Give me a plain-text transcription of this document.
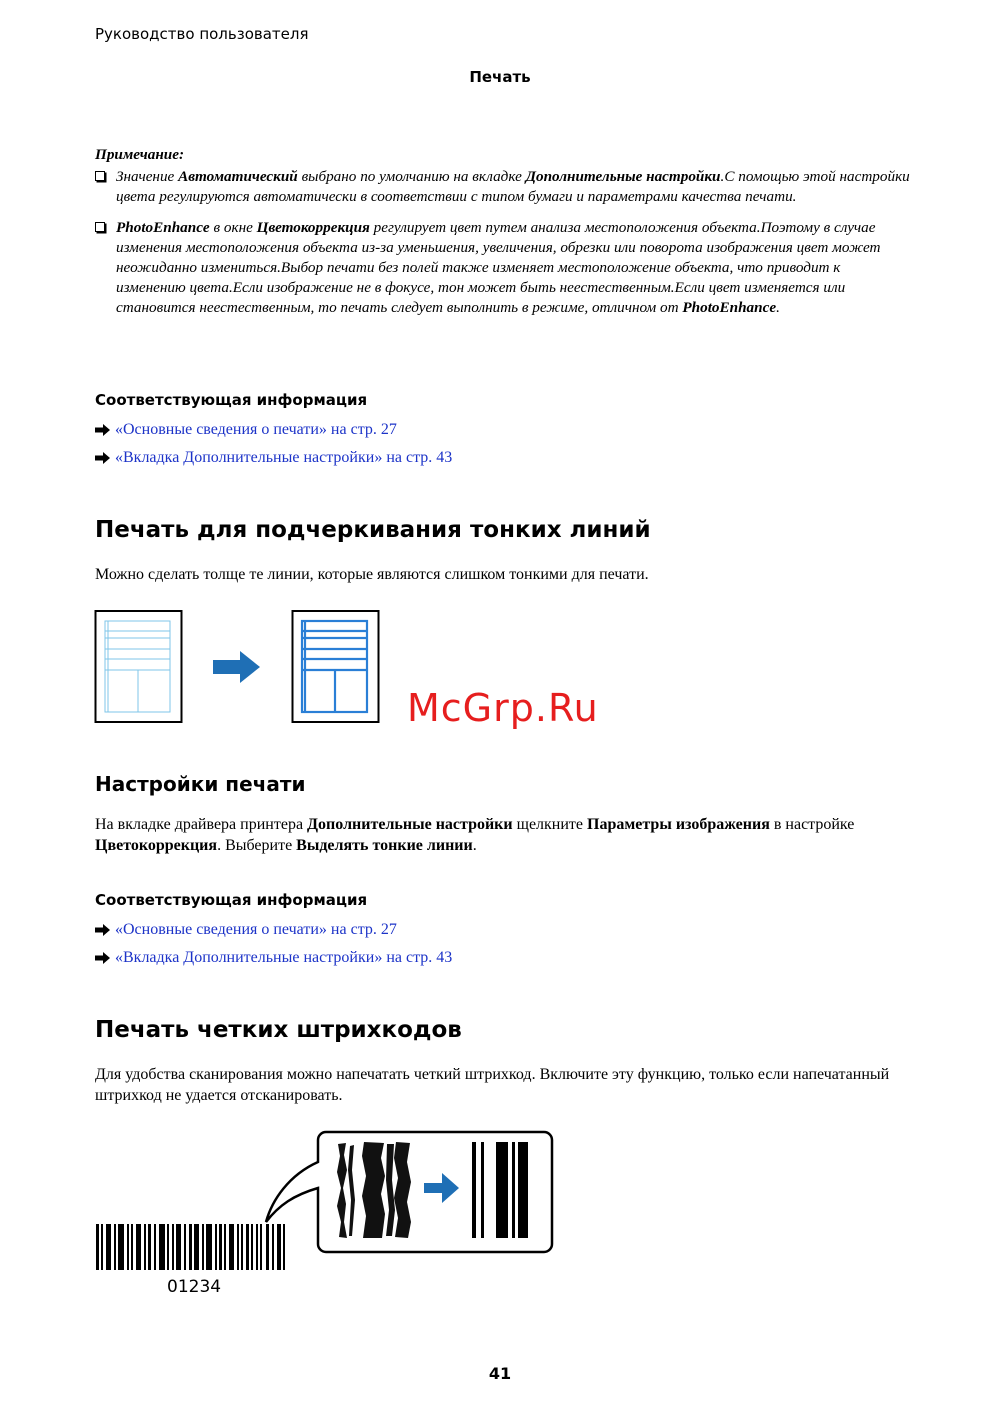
Руководство пользователя
Печать
Примечание:
Значение Автоматический выбрано по умолчанию на вкладке Дополнительные настройки.С помощью этой настройки цвета регулируются автоматически в соответствии с типом бумаги и параметрами качества печати.
PhotoEnhance в окне Цветокоррекция регулирует цвет путем анализа местоположения объекта.Поэтому в случае изменения местоположения объекта из-за уменьшения, увеличения, обрезки или поворота изображения цвет может неожиданно измениться.Выбор печати без полей также изменяет местоположение объекта, что приводит к изменению цвета.Если изображение не в фокусе, тон может быть неестественным.Если цвет изменяется или становится неестественным, то печать следует выполнить в режиме, отличном от PhotoEnhance.
Соответствующая информация
«Основные сведения о печати» на стр. 27
«Вкладка Дополнительные настройки» на стр. 43
Печать для подчеркивания тонких линий
Можно сделать толще те линии, которые являются слишком тонкими для печати.
McGrp.Ru
Настройки печати
На вкладке драйвера принтера Дополнительные настройки щелкните Параметры изображения в настройке Цветокоррекция. Выберите Выделять тонкие линии.
Соответствующая информация
«Основные сведения о печати» на стр. 27
«Вкладка Дополнительные настройки» на стр. 43
Печать четких штрихкодов
Для удобства сканирования можно напечатать четкий штрихкод. Включите эту функцию, только если напечатанный штрихкод не удается отсканировать.
01234
41
